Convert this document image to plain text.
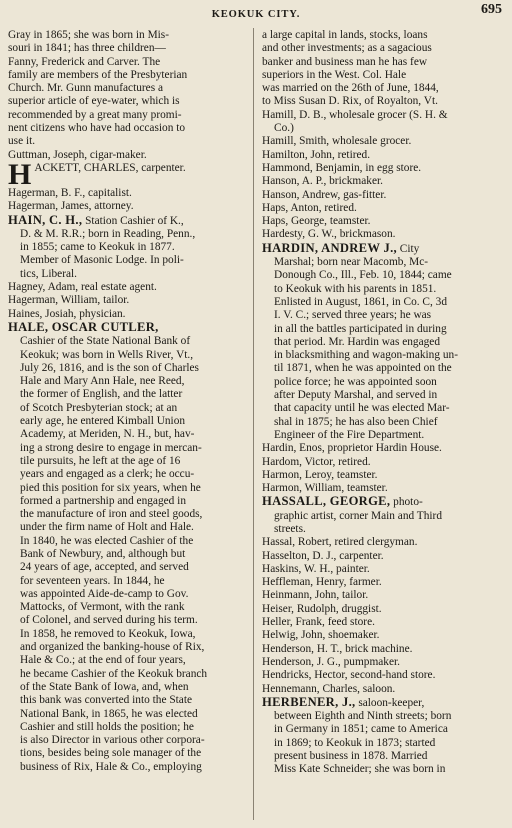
KEOKUK CITY.	695
Gray in 1865; she was born in Mis-
souri in 1841; has three children—
Fanny, Frederick and Carver. The
family are members of the Presbyterian
Church. Mr. Gunn manufactures a
superior article of eye-water, which is
recommended by a great many promi-
nent citizens who have had occasion to
use it.
Guttman, Joseph, cigar-maker.
H ACKETT, CHARLES, carpenter.
Hagerman, B. F., capitalist.
Hagerman, James, attorney.
HAIN, C. H., Station Cashier of K.,
D. & M. R.R.; born in Reading, Penn.,
in 1855; came to Keokuk in 1877.
Member of Masonic Lodge. In poli-
tics, Liberal.
Hagney, Adam, real estate agent.
Hagerman, William, tailor.
Haines, Josiah, physician.
HALE, OSCAR CUTLER,
Cashier of the State National Bank of
Keokuk; was born in Wells River, Vt.,
July 26, 1816, and is the son of Charles
Hale and Mary Ann Hale, nee Reed,
the former of English, and the latter
of Scotch Presbyterian stock; at an
early age, he entered Kimball Union
Academy, at Meriden, N. H., but, hav-
ing a strong desire to engage in mercan-
tile pursuits, he left at the age of 16
years and engaged as a clerk; he occu-
pied this position for six years, when he
formed a partnership and engaged in
the manufacture of iron and steel goods,
under the firm name of Holt and Hale.
In 1840, he was elected Cashier of the
Bank of Newbury, and, although but
24 years of age, accepted, and served
for seventeen years. In 1844, he
was appointed Aide-de-camp to Gov.
Mattocks, of Vermont, with the rank
of Colonel, and served during his term.
In 1858, he removed to Keokuk, Iowa,
and organized the banking-house of Rix,
Hale & Co.; at the end of four years,
he became Cashier of the Keokuk branch
of the State Bank of Iowa, and, when
this bank was converted into the State
National Bank, in 1865, he was elected
Cashier and still holds the position; he
is also Director in various other corpora-
tions, besides being sole manager of the
business of Rix, Hale & Co., employing
a large capital in lands, stocks, loans
and other investments; as a sagacious
banker and business man he has few
superiors in the West. Col. Hale
was married on the 26th of June, 1844,
to Miss Susan D. Rix, of Royalton, Vt.
Hamill, D. B., wholesale grocer (S. H. &
Co.)
Hamill, Smith, wholesale grocer.
Hamilton, John, retired.
Hammond, Benjamin, in egg store.
Hanson, A. P., brickmaker.
Hanson, Andrew, gas-fitter.
Haps, Anton, retired.
Haps, George, teamster.
Hardesty, G. W., brickmason.
HARDIN, ANDREW J., City
Marshal; born near Macomb, Mc-
Donough Co., Ill., Feb. 10, 1844; came
to Keokuk with his parents in 1851.
Enlisted in August, 1861, in Co. C, 3d
I. V. C.; served three years; he was
in all the battles participated in during
that period. Mr. Hardin was engaged
in blacksmithing and wagon-making un-
til 1871, when he was appointed on the
police force; he was appointed soon
after Deputy Marshal, and served in
that capacity until he was elected Mar-
shal in 1875; he has also been Chief
Engineer of the Fire Department.
Hardin, Enos, proprietor Hardin House.
Hardom, Victor, retired.
Harmon, Leroy, teamster.
Harmon, William, teamster.
HASSALL, GEORGE, photo-
graphic artist, corner Main and Third
streets.
Hassal, Robert, retired clergyman.
Hasselton, D. J., carpenter.
Haskins, W. H., painter.
Heffleman, Henry, farmer.
Heinmann, John, tailor.
Heiser, Rudolph, druggist.
Heller, Frank, feed store.
Helwig, John, shoemaker.
Henderson, H. T., brick machine.
Henderson, J. G., pumpmaker.
Hendricks, Hector, second-hand store.
Hennemann, Charles, saloon.
HERBENER, J., saloon-keeper,
between Eighth and Ninth streets; born
in Germany in 1851; came to America
in 1869; to Keokuk in 1873; started
present business in 1878. Married
Miss Kate Schneider; she was born in
